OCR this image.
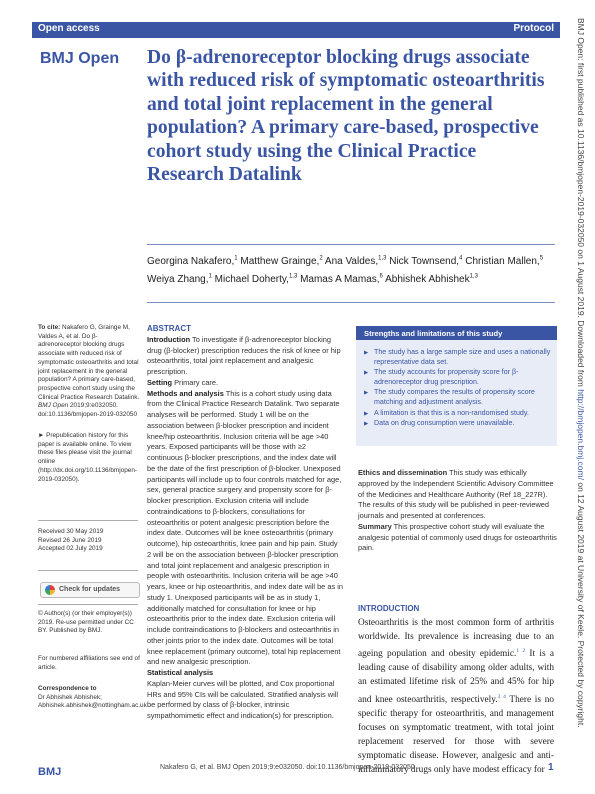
Open access	Protocol
BMJ Open Do β-adrenoreceptor blocking drugs associate with reduced risk of symptomatic osteoarthritis and total joint replacement in the general population? A primary care-based, prospective cohort study using the Clinical Practice Research Datalink
Georgina Nakafero,$^1$ Matthew Grainge,$^2$ Ana Valdes,$^{1,3}$ Nick Townsend,$^4$ Christian Mallen,$^5$ Weiya Zhang,$^1$ Michael Doherty,$^{1,3}$ Mamas A Mamas,$^6$ Abhishek Abhishek$^{1,3}$

To cite: Nakafero G, Grainge M, Valdes A, et al. Do β-adrenoreceptor blocking drugs associate with reduced risk of symptomatic osteoarthritis and total joint replacement in the general population? A primary care-based, prospective cohort study using the Clinical Practice Research Datalink. BMJ Open 2019;9:e032050. doi:10.1136/bmjopen-2019-032050

► Prepublication history for this paper is available online. To view these files please visit the journal online (http://dx.doi.org/10.1136/bmjopen-2019-032050).

Received 30 May 2019

Revised 26 June 2019

Accepted 02 July 2019

Check for updates

© Author(s) (or their employer(s)) 2019. Re-use permitted under CC BY. Published by BMJ.

For numbered affiliations see end of article.

Correspondence to

Dr Abhishek Abhishek;

Abhishek.abhishek@nottingham.ac.uk

ABSTRACT

Introduction To investigate if β-adrenoreceptor blocking drug (β-blocker) prescription reduces the risk of knee or hip osteoarthritis, total joint replacement and analgesic prescription.

Setting Primary care.

Methods and analysis This is a cohort study using data from the Clinical Practice Research Datalink. Two separate analyses will be performed. Study 1 will be on the association between β-blocker prescription and incident knee/hip osteoarthritis. Inclusion criteria will be age >40 years. Exposed participants will be those with ≥2 continuous β-blocker prescriptions, and the index date will be the date of the first prescription of β-blocker. Unexposed participants will include up to four controls matched for age, sex, general practice surgery and propensity score for β-blocker prescription. Exclusion criteria will include contraindications to β-blockers, consultations for osteoarthritis or potent analgesic prescription before the index date. Outcomes will be knee osteoarthritis (primary outcome), hip osteoarthritis, knee pain and hip pain. Study 2 will be on the association between β-blocker prescription and total joint replacement and analgesic prescription in people with osteoarthritis. Inclusion criteria will be age >40 years, knee or hip osteoarthritis, and index date will be as in study 1. Unexposed participants will be as in study 1, additionally matched for consultation for knee or hip osteoarthritis prior to the index date. Exclusion criteria will include contraindications to β-blockers and osteoarthritis in other joints prior to the index date. Outcomes will be total knee replacement (primary outcome), total hip replacement and new analgesic prescription.

Statistical analysis
Kaplan-Meier curves will be plotted, and Cox proportional HRs and 95% CIs will be calculated. Stratified analysis will be performed by class of β-blocker, intrinsic sympathomimetic effect and indication(s) for prescription.

Strengths and limitations of this study
▶ The study has a large sample size and uses a nationally representative data set.
▶ The study accounts for propensity score for β-adrenoreceptor drug prescription.
▶ The study compares the results of propensity score matching and adjustment analysis.
▶ A limitation is that this is a non-randomised study.
▶ Data on drug consumption were unavailable.

Ethics and dissemination This study was ethically approved by the Independent Scientific Advisory Committee of the Medicines and Healthcare Authority (Ref 18_227R). The results of this study will be published in peer-reviewed journals and presented at conferences.

Summary This prospective cohort study will evaluate the analgesic potential of commonly used drugs for osteoarthritis pain.

INTRODUCTION

Osteoarthritis is the most common form of arthritis worldwide. Its prevalence is increasing due to an ageing population and obesity epidemic.$^{1 2}$ It is a leading cause of disability among older adults, with an estimated lifetime risk of 25% and 45% for hip and knee osteoarthritis, respectively.$^{3 4}$ There is no specific therapy for osteoarthritis, and management focuses on symptomatic treatment, with total joint replacement reserved for those with severe symptomatic disease. However, analgesic and anti-inflammatory drugs only have modest efficacy for

BMJ	Nakafero G, et al. BMJ Open 2019;9:e032050. doi:10.1136/bmjopen-2019-032050	1
BMJ Open: first published as 10.1136/bmjopen-2019-032050 on 1 August 2019. Downloaded from http://bmjopen.bmj.com/ on 12 August 2019 at University of Keele. Protected by copyright.
